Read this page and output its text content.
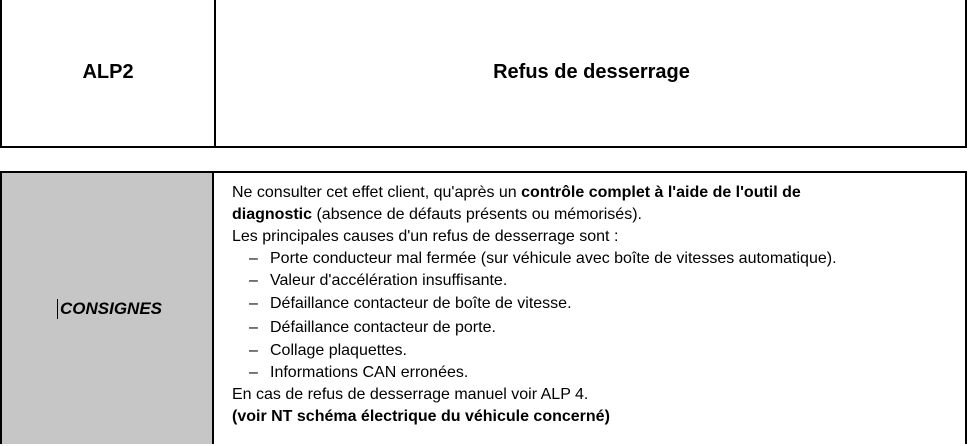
ALP2	Refus de desserrage
CONSIGNES

Ne consulter cet effet client, qu'après un contrôle complet à l'aide de l'outil de
diagnostic (absence de défauts présents ou mémorisés).

Les principales causes d'un refus de desserrage sont :

– Porte conducteur mal fermée (sur véhicule avec boîte de vitesses automatique).
– Valeur d'accélération insuffisante.
– Défaillance contacteur de boîte de vitesse.
– Défaillance contacteur de porte.
– Collage plaquettes.
– Informations CAN erronées.

En cas de refus de desserrage manuel voir ALP 4.

(voir NT schéma électrique du véhicule concerné)
